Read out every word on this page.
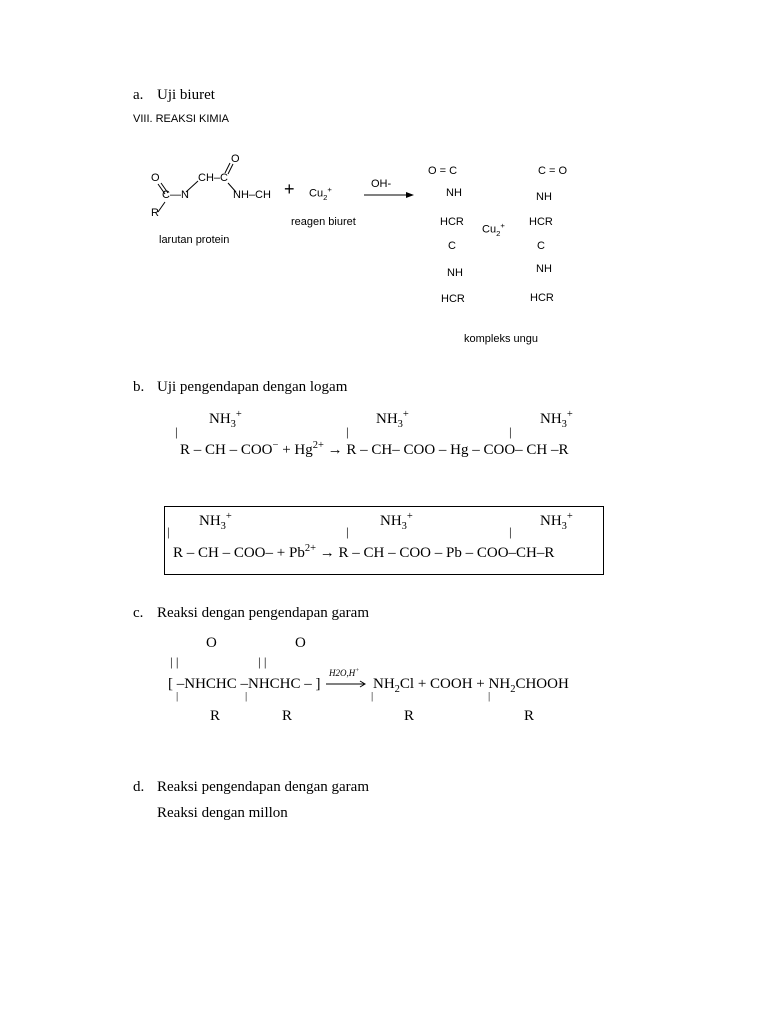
a. Uji biuret
VIII. REAKSI KIMIA
O
O	CH–C
C—N
R
NH–CH
larutan protein
+ $Cu_2^+$
reagen biuret
OH-
O = C
NH
HCR
C
NH
HCR
C = O
NH
HCR
C
NH
HCR
$Cu_2^+$
kompleks ungu
b. Uji pengendapan dengan logam
$NH_3^+$	$NH_3^+$	$NH_3^+$
|	|	|
R – CH – $COO^- + Hg^{2+} \to R - CH-$ COO – Hg – COO– CH –R
$NH_3^+$	$NH_3^+$	$NH_3^+$
|	|	|
R – CH – $COO- + Pb^{2+} \to R$ – CH – COO – Pb – COO–CH–R
c. Reaksi dengan pengendapan garam
O	O
| |	| |
[ –NHCHC –NHCHC – ]
H2O,H+
$NH_2Cl$ + COOH + $NH_2CHOOH$
|	|	|	|
R	R	R	R
d. Reaksi pengendapan dengan garam
Reaksi dengan millon
